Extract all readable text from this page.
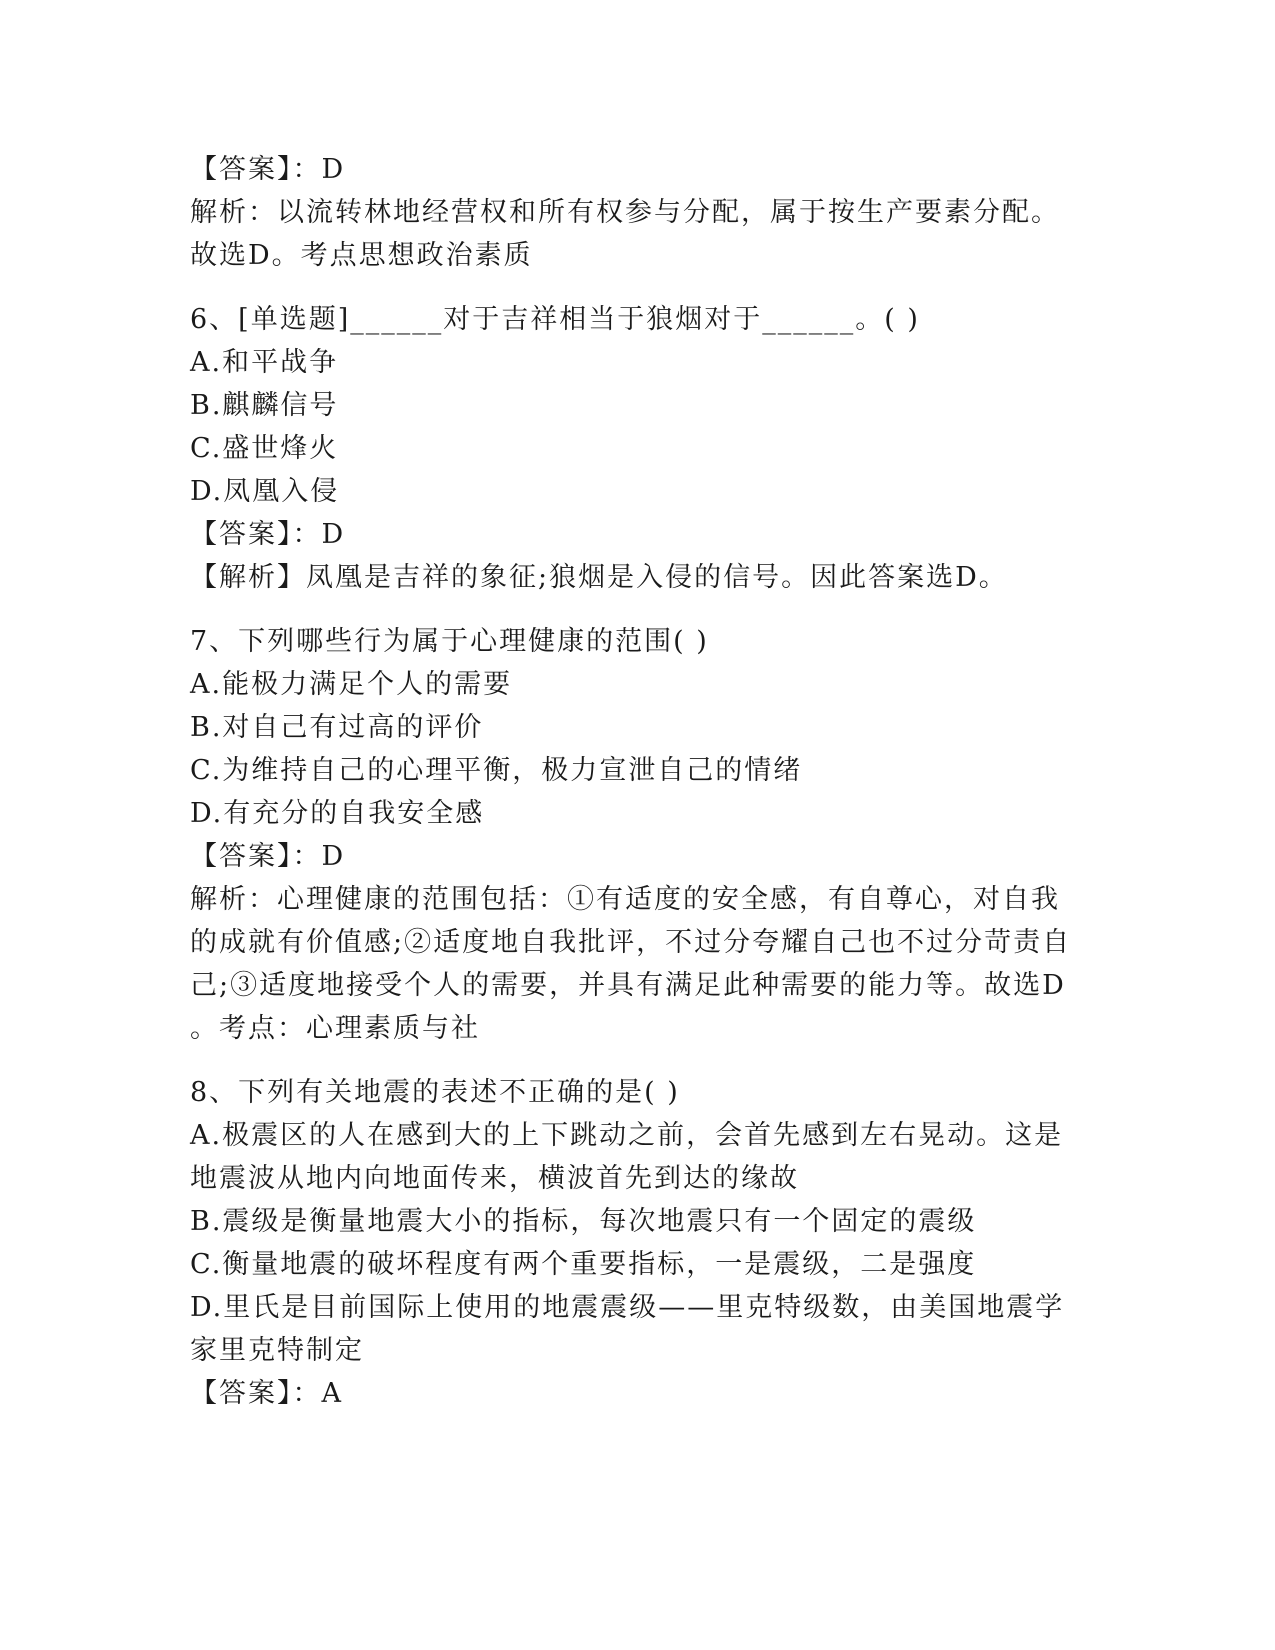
【答案】：D
解析：以流转林地经营权和所有权参与分配，属于按生产要素分配。
故选D。考点思想政治素质
6、[单选题]______对于吉祥相当于狼烟对于______。( )
A.和平战争
B.麒麟信号
C.盛世烽火
D.凤凰入侵
【答案】：D
【解析】凤凰是吉祥的象征;狼烟是入侵的信号。因此答案选D。
7、下列哪些行为属于心理健康的范围( )
A.能极力满足个人的需要
B.对自己有过高的评价
C.为维持自己的心理平衡，极力宣泄自己的情绪
D.有充分的自我安全感
【答案】：D
解析：心理健康的范围包括：①有适度的安全感，有自尊心，对自我
的成就有价值感;②适度地自我批评，不过分夸耀自己也不过分苛责自
己;③适度地接受个人的需要，并具有满足此种需要的能力等。故选D
。考点：心理素质与社
8、下列有关地震的表述不正确的是( )
A.极震区的人在感到大的上下跳动之前，会首先感到左右晃动。这是
地震波从地内向地面传来，横波首先到达的缘故
B.震级是衡量地震大小的指标，每次地震只有一个固定的震级
C.衡量地震的破坏程度有两个重要指标，一是震级，二是强度
D.里氏是目前国际上使用的地震震级——里克特级数，由美国地震学
家里克特制定
【答案】：A
